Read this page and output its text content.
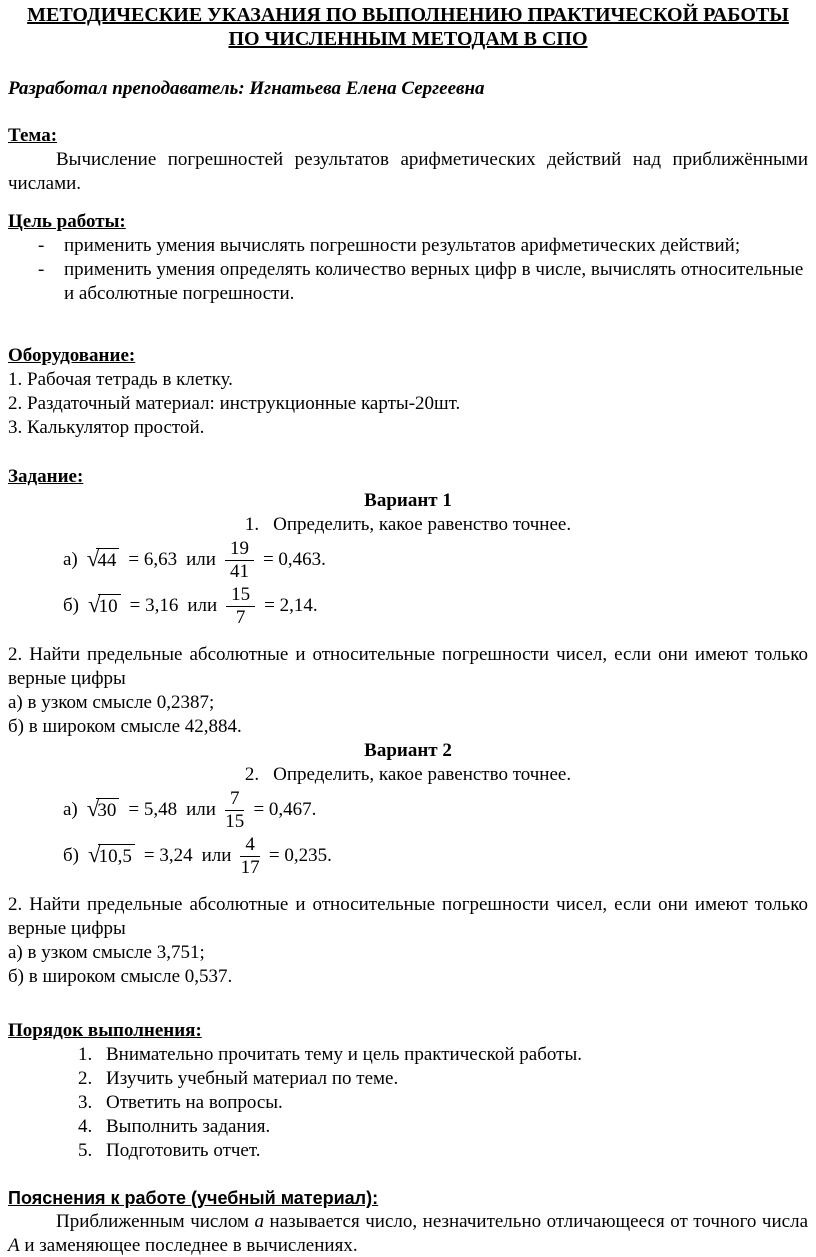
МЕТОДИЧЕСКИЕ УКАЗАНИЯ ПО ВЫПОЛНЕНИЮ ПРАКТИЧЕСКОЙ РАБОТЫ
ПО ЧИСЛЕННЫМ МЕТОДАМ В СПО
Разработал преподаватель: Игнатьева Елена Сергеевна
Тема:
Вычисление погрешностей результатов арифметических действий над приближёнными числами.
Цель работы:
-	применить умения вычислять погрешности результатов арифметических действий;
-	применить умения определять количество верных цифр в числе, вычислять относительные и абсолютные погрешности.
Оборудование:
1. Рабочая тетрадь в клетку.
2. Раздаточный материал: инструкционные карты-20шт.
3. Калькулятор простой.
Задание:
Вариант 1
1. Определить, какое равенство точнее.
а) √44 = 6,63 или $\frac{19}{41} = 0,463$.
б) √10 = 3,16 или $\frac{15}{7} = 2,14$.
2. Найти предельные абсолютные и относительные погрешности чисел, если они имеют только верные цифры
а) в узком смысле 0,2387;
б) в широком смысле 42,884.
Вариант 2
2. Определить, какое равенство точнее.
а) √30 = 5,48 или $\frac{7}{15} = 0,467$.
б) √10,5 = 3,24 или $\frac{4}{17} = 0,235$.
2. Найти предельные абсолютные и относительные погрешности чисел, если они имеют только верные цифры
а) в узком смысле 3,751;
б) в широком смысле 0,537.
Порядок выполнения:
1. Внимательно прочитать тему и цель практической работы.
2. Изучить учебный материал по теме.
3. Ответить на вопросы.
4. Выполнить задания.
5. Подготовить отчет.
Пояснения к работе (учебный материал):
Приближенным числом а называется число, незначительно отличающееся от точного числа А и заменяющее последнее в вычислениях.
